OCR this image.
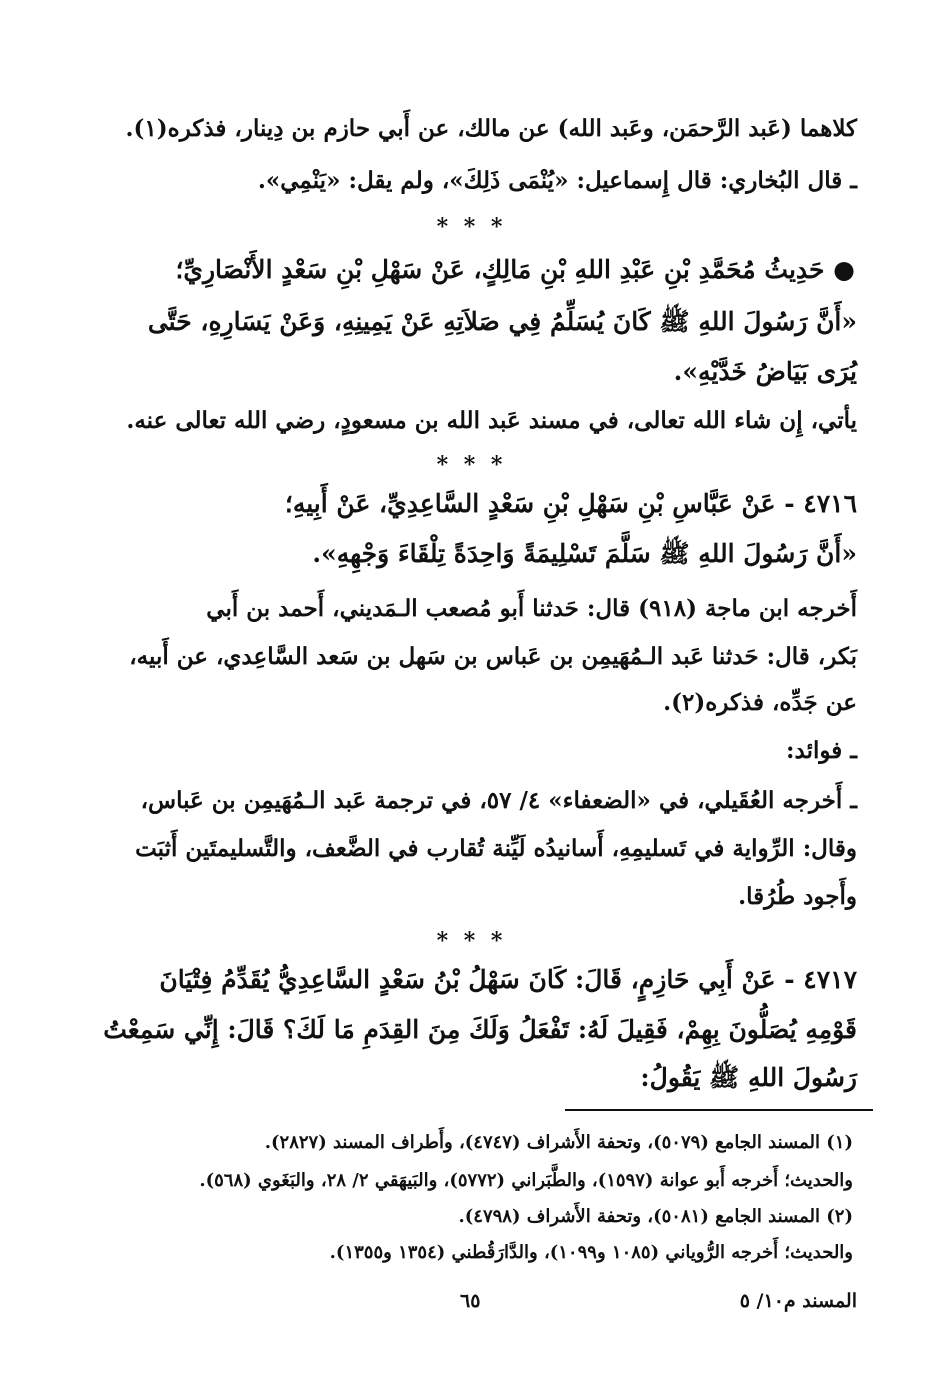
كلاهما (عَبد الرَّحمَن، وعَبد الله) عن مالك، عن أَبي حازم بن دِينار، فذكره(١).
ـ قال البُخاري: قال إِسماعيل: «يُنْمَى ذَلِكَ»، ولم يقل: «يَنْمِي».
* * *
● حَدِيثُ مُحَمَّدِ بْنِ عَبْدِ اللهِ بْنِ مَالِكٍ، عَنْ سَهْلِ بْنِ سَعْدٍ الأَنْصَارِيِّ؛
«أَنَّ رَسُولَ اللهِ ﷺ كَانَ يُسَلِّمُ فِي صَلاَتِهِ عَنْ يَمِينِهِ، وَعَنْ يَسَارِهِ، حَتَّى
يُرَى بَيَاضُ خَدَّيْهِ».
يأتي، إِن شاء الله تعالى، في مسند عَبد الله بن مسعودٍ، رضي الله تعالى عنه.
* * *
٤٧١٦ - عَنْ عَبَّاسِ بْنِ سَهْلِ بْنِ سَعْدٍ السَّاعِدِيِّ، عَنْ أَبِيهِ؛
«أَنَّ رَسُولَ اللهِ ﷺ سَلَّمَ تَسْلِيمَةً وَاحِدَةً تِلْقَاءَ وَجْهِهِ».
أَخرجه ابن ماجة (٩١٨) قال: حَدثنا أَبو مُصعب الـمَديني، أَحمد بن أَبي
بَكر، قال: حَدثنا عَبد الـمُهَيمِن بن عَباس بن سَهل بن سَعد السَّاعِدي، عن أَبيه،
عن جَدِّه، فذكره(٢).
ـ فوائد:
ـ أَخرجه العُقَيلي، في «الضعفاء» ٤/ ٥٧، في ترجمة عَبد الـمُهَيمِن بن عَباس،
وقال: الرِّواية في تَسليمِهِ، أَسانيدُه لَيِّنة تُقارب في الضَّعف، والتَّسليمتَين أَثبَت
وأَجود طُرُقا.
* * *
٤٧١٧ - عَنْ أَبِي حَازِمٍ، قَالَ: كَانَ سَهْلُ بْنُ سَعْدٍ السَّاعِدِيُّ يُقَدِّمُ فِتْيَانَ
قَوْمِهِ يُصَلُّونَ بِهِمْ، فَقِيلَ لَهُ: تَفْعَلُ وَلَكَ مِنَ القِدَمِ مَا لَكَ؟ قَالَ: إِنِّي سَمِعْتُ
رَسُولَ اللهِ ﷺ يَقُولُ:
(١) المسند الجامع (٥٠٧٩)، وتحفة الأَشراف (٤٧٤٧)، وأَطراف المسند (٢٨٢٧).
والحديث؛ أَخرجه أَبو عوانة (١٥٩٧)، والطَّبَراني (٥٧٧٢)، والبَيهَقي ٢/ ٢٨، والبَغَوي (٥٦٨).
(٢) المسند الجامع (٥٠٨١)، وتحفة الأَشراف (٤٧٩٨).
والحديث؛ أَخرجه الرُّوياني (١٠٨٥ و١٠٩٩)، والدَّارَقُطني (١٣٥٤ و١٣٥٥).
المسند م١٠/ ٥
٦٥
